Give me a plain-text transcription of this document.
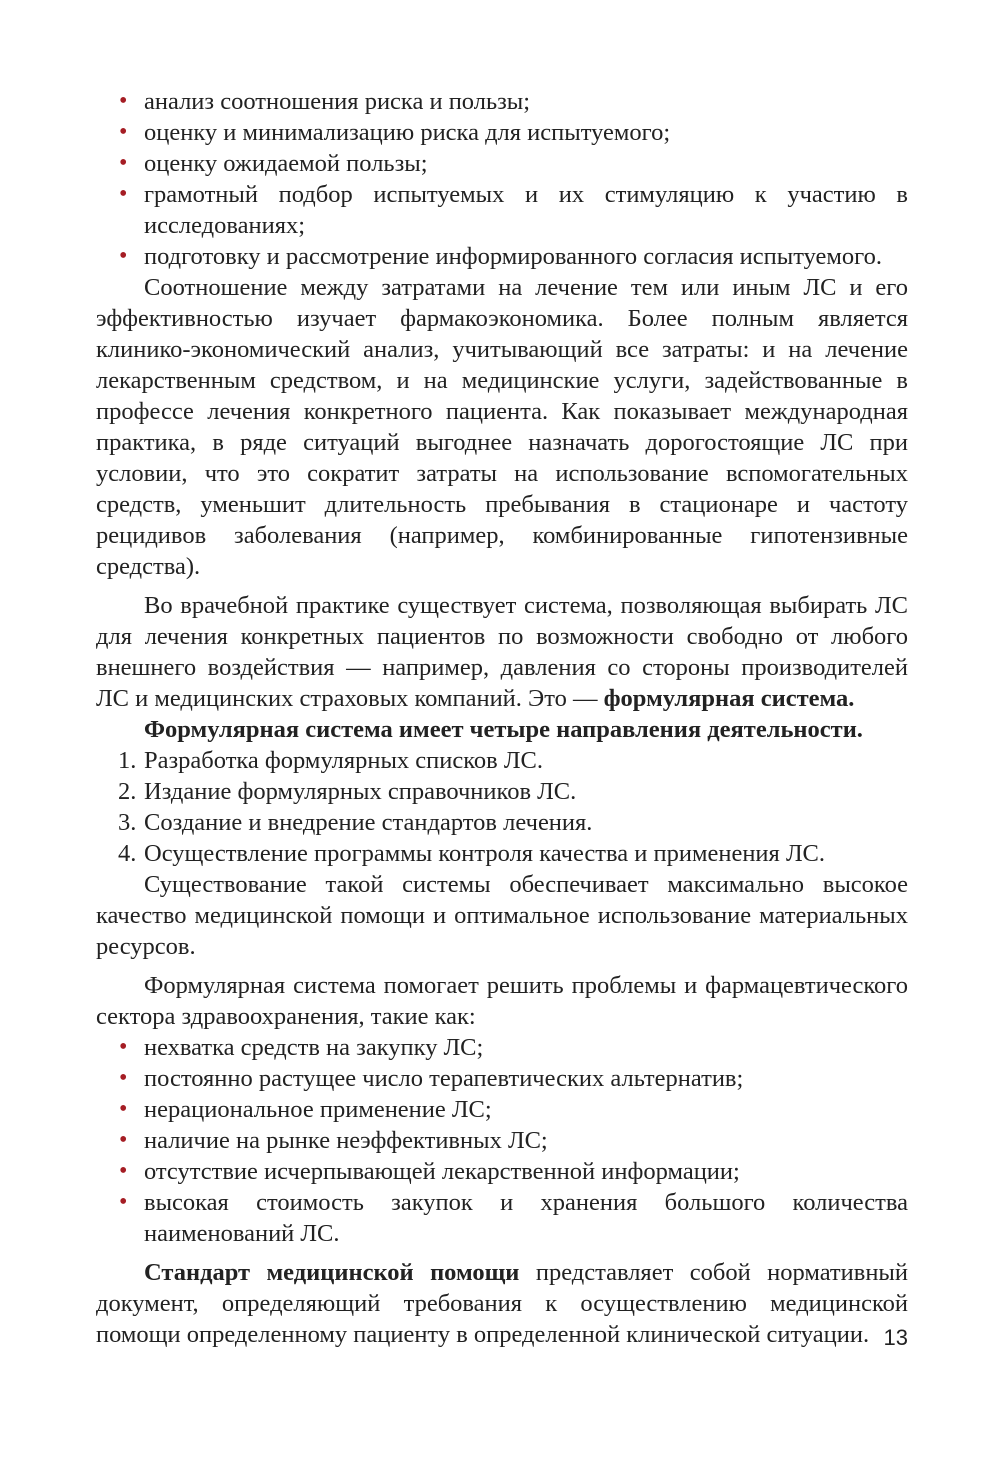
• анализ соотношения риска и пользы;
• оценку и минимализацию риска для испытуемого;
• оценку ожидаемой пользы;
• грамотный подбор испытуемых и их стимуляцию к участию в исследованиях;
• подготовку и рассмотрение информированного согласия испытуемого.

Соотношение между затратами на лечение тем или иным ЛС и его эффективностью изучает фармакоэкономика. Более полным является клинико-экономический анализ, учитывающий все затраты: и на лечение лекарственным средством, и на медицинские услуги, задействованные в профессе лечения конкретного пациента. Как показывает международная практика, в ряде ситуаций выгоднее назначать дорогостоящие ЛС при условии, что это сократит затраты на использование вспомогательных средств, уменьшит длительность пребывания в стационаре и частоту рецидивов заболевания (например, комбинированные гипотензивные средства).

Во врачебной практике существует система, позволяющая выбирать ЛС для лечения конкретных пациентов по возможности свободно от любого внешнего воздействия — например, давления со стороны производителей ЛС и медицинских страховых компаний. Это — формулярная система.

Формулярная система имеет четыре направления деятельности.

1. Разработка формулярных списков ЛС.
2. Издание формулярных справочников ЛС.
3. Создание и внедрение стандартов лечения.
4. Осуществление программы контроля качества и применения ЛС.

Существование такой системы обеспечивает максимально высокое качество медицинской помощи и оптимальное использование материальных ресурсов.

Формулярная система помогает решить проблемы и фармацевтического сектора здравоохранения, такие как:

• нехватка средств на закупку ЛС;
• постоянно растущее число терапевтических альтернатив;
• нерациональное применение ЛС;
• наличие на рынке неэффективных ЛС;
• отсутствие исчерпывающей лекарственной информации;
• высокая стоимость закупок и хранения большого количества наименований ЛС.

Стандарт медицинской помощи представляет собой нормативный документ, определяющий требования к осуществлению медицинской помощи определенному пациенту в определенной клинической ситуации. 13
